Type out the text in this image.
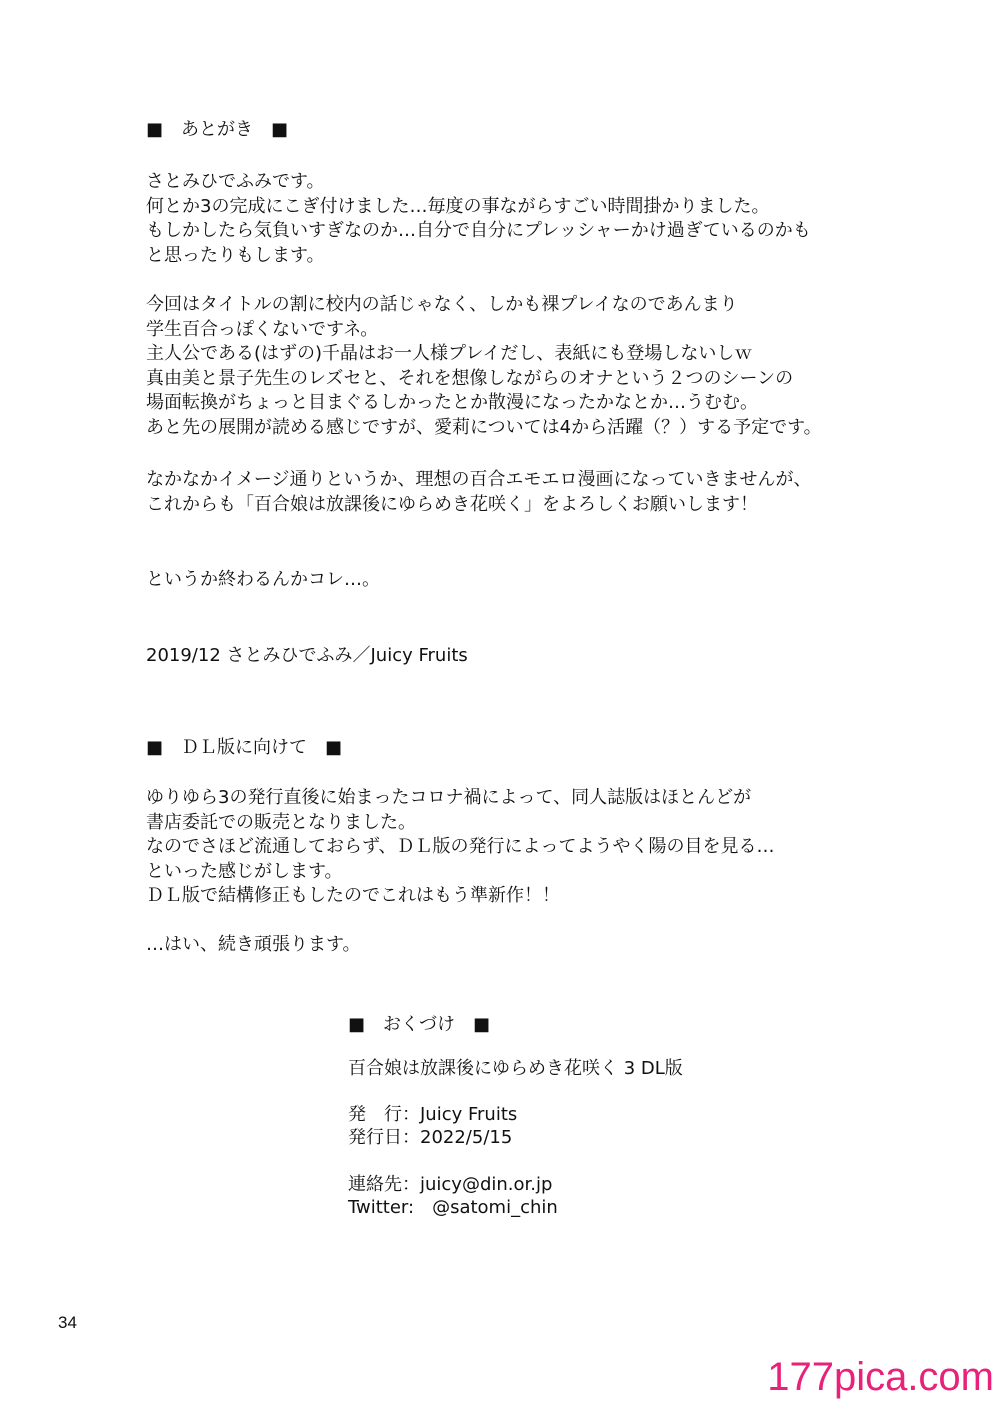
■　あとがき　■
さとみひでふみです。
何とか3の完成にこぎ付けました…毎度の事ながらすごい時間掛かりました。
もしかしたら気負いすぎなのか…自分で自分にプレッシャーかけ過ぎているのかも
と思ったりもします。
今回はタイトルの割に校内の話じゃなく、しかも裸プレイなのであんまり
学生百合っぽくないですネ。
主人公である(はずの)千晶はお一人様プレイだし、表紙にも登場しないしｗ
真由美と景子先生のレズセと、それを想像しながらのオナという２つのシーンの
場面転換がちょっと目まぐるしかったとか散漫になったかなとか…うむむ。
あと先の展開が読める感じですが、愛莉については4から活躍（？）する予定です。
なかなかイメージ通りというか、理想の百合エモエロ漫画になっていきませんが、
これからも「百合娘は放課後にゆらめき花咲く」をよろしくお願いします！
というか終わるんかコレ…。
2019/12 さとみひでふみ／Juicy Fruits
■　ＤＬ版に向けて　■
ゆりゆら3の発行直後に始まったコロナ禍によって、同人誌版はほとんどが
書店委託での販売となりました。
なのでさほど流通しておらず、ＤＬ版の発行によってようやく陽の目を見る…
といった感じがします。
ＤＬ版で結構修正もしたのでこれはもう準新作！！
…はい、続き頑張ります。
■　おくづけ　■
百合娘は放課後にゆらめき花咲く 3 DL版
発　行：Juicy Fruits
発行日：2022/5/15
連絡先：juicy@din.or.jp
Twitter:　@satomi_chin
34
177pica.com
